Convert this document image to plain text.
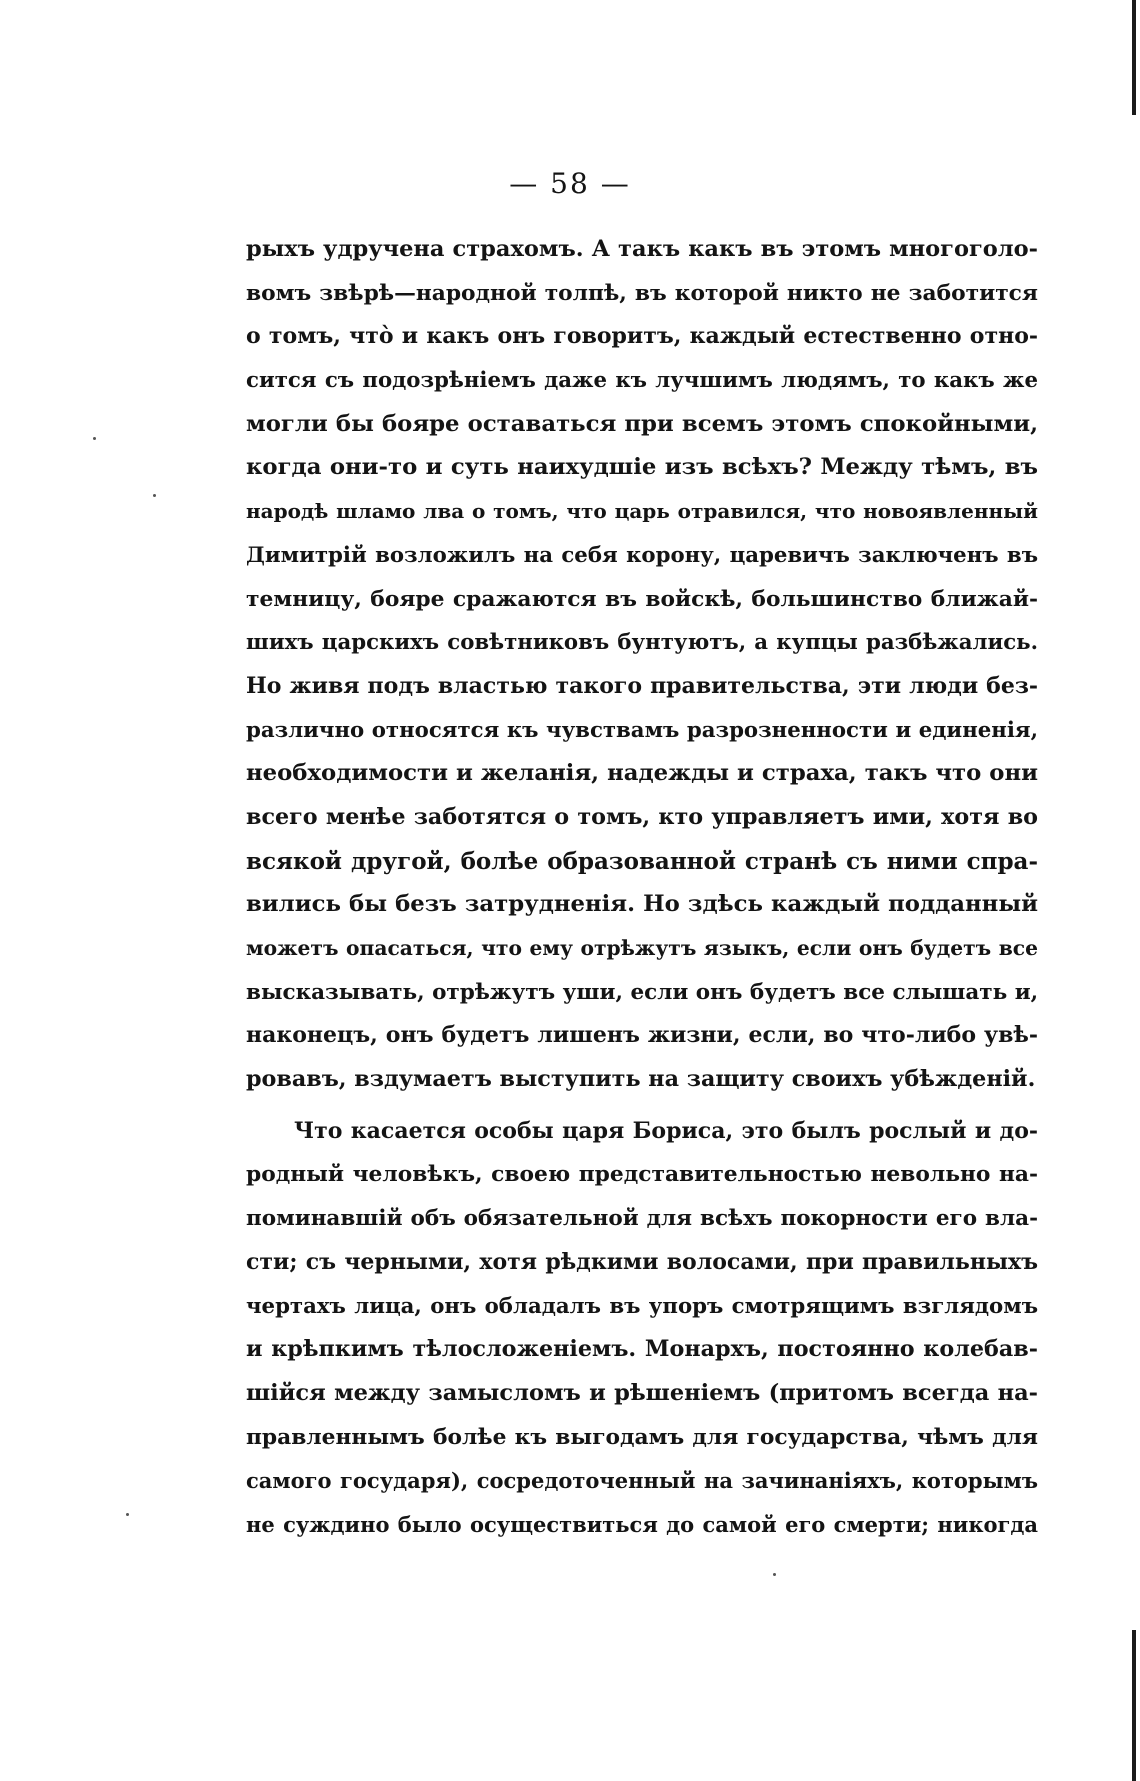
— 58 —
рыхъ удручена страхомъ. А такъ какъ въ этомъ многоголо-
вомъ звѣрѣ—народной толпѣ, въ которой никто не заботится
о томъ, что̀ и какъ онъ говоритъ, каждый естественно отно-
сится съ подозрѣніемъ даже къ лучшимъ людямъ, то какъ же
могли бы бояре оставаться при всемъ этомъ спокойными,
когда они-то и суть наихудшіе изъ всѣхъ? Между тѣмъ, въ
народѣ шламо лва о томъ, что царь отравился, что новоявленный
Димитрій возложилъ на себя корону, царевичъ заключенъ въ
темницу, бояре сражаются въ войскѣ, большинство ближай-
шихъ царскихъ совѣтниковъ бунтуютъ, а купцы разбѣжались.
Но живя подъ властью такого правительства, эти люди без-
различно относятся къ чувствамъ разрозненности и единенія,
необходимости и желанія, надежды и страха, такъ что они
всего менѣе заботятся о томъ, кто управляетъ ими, хотя во
всякой другой, болѣе образованной странѣ съ ними спра-
вились бы безъ затрудненія. Но здѣсь каждый подданный
можетъ опасаться, что ему отрѣжутъ языкъ, если онъ будетъ все
высказывать, отрѣжутъ уши, если онъ будетъ все слышать и,
наконецъ, онъ будетъ лишенъ жизни, если, во что-либо увѣ-
ровавъ, вздумаетъ выступить на защиту своихъ убѣжденій.
Что касается особы царя Бориса, это былъ рослый и до-
родный человѣкъ, своею представительностью невольно на-
поминавшій объ обязательной для всѣхъ покорности его вла-
сти; съ черными, хотя рѣдкими волосами, при правильныхъ
чертахъ лица, онъ обладалъ въ упоръ смотрящимъ взглядомъ
и крѣпкимъ тѣлосложеніемъ. Монархъ, постоянно колебав-
шійся между замысломъ и рѣшеніемъ (притомъ всегда на-
правленнымъ болѣе къ выгодамъ для государства, чѣмъ для
самого государя), сосредоточенный на зачинаніяхъ, которымъ
не суждино было осуществиться до самой его смерти; никогда
